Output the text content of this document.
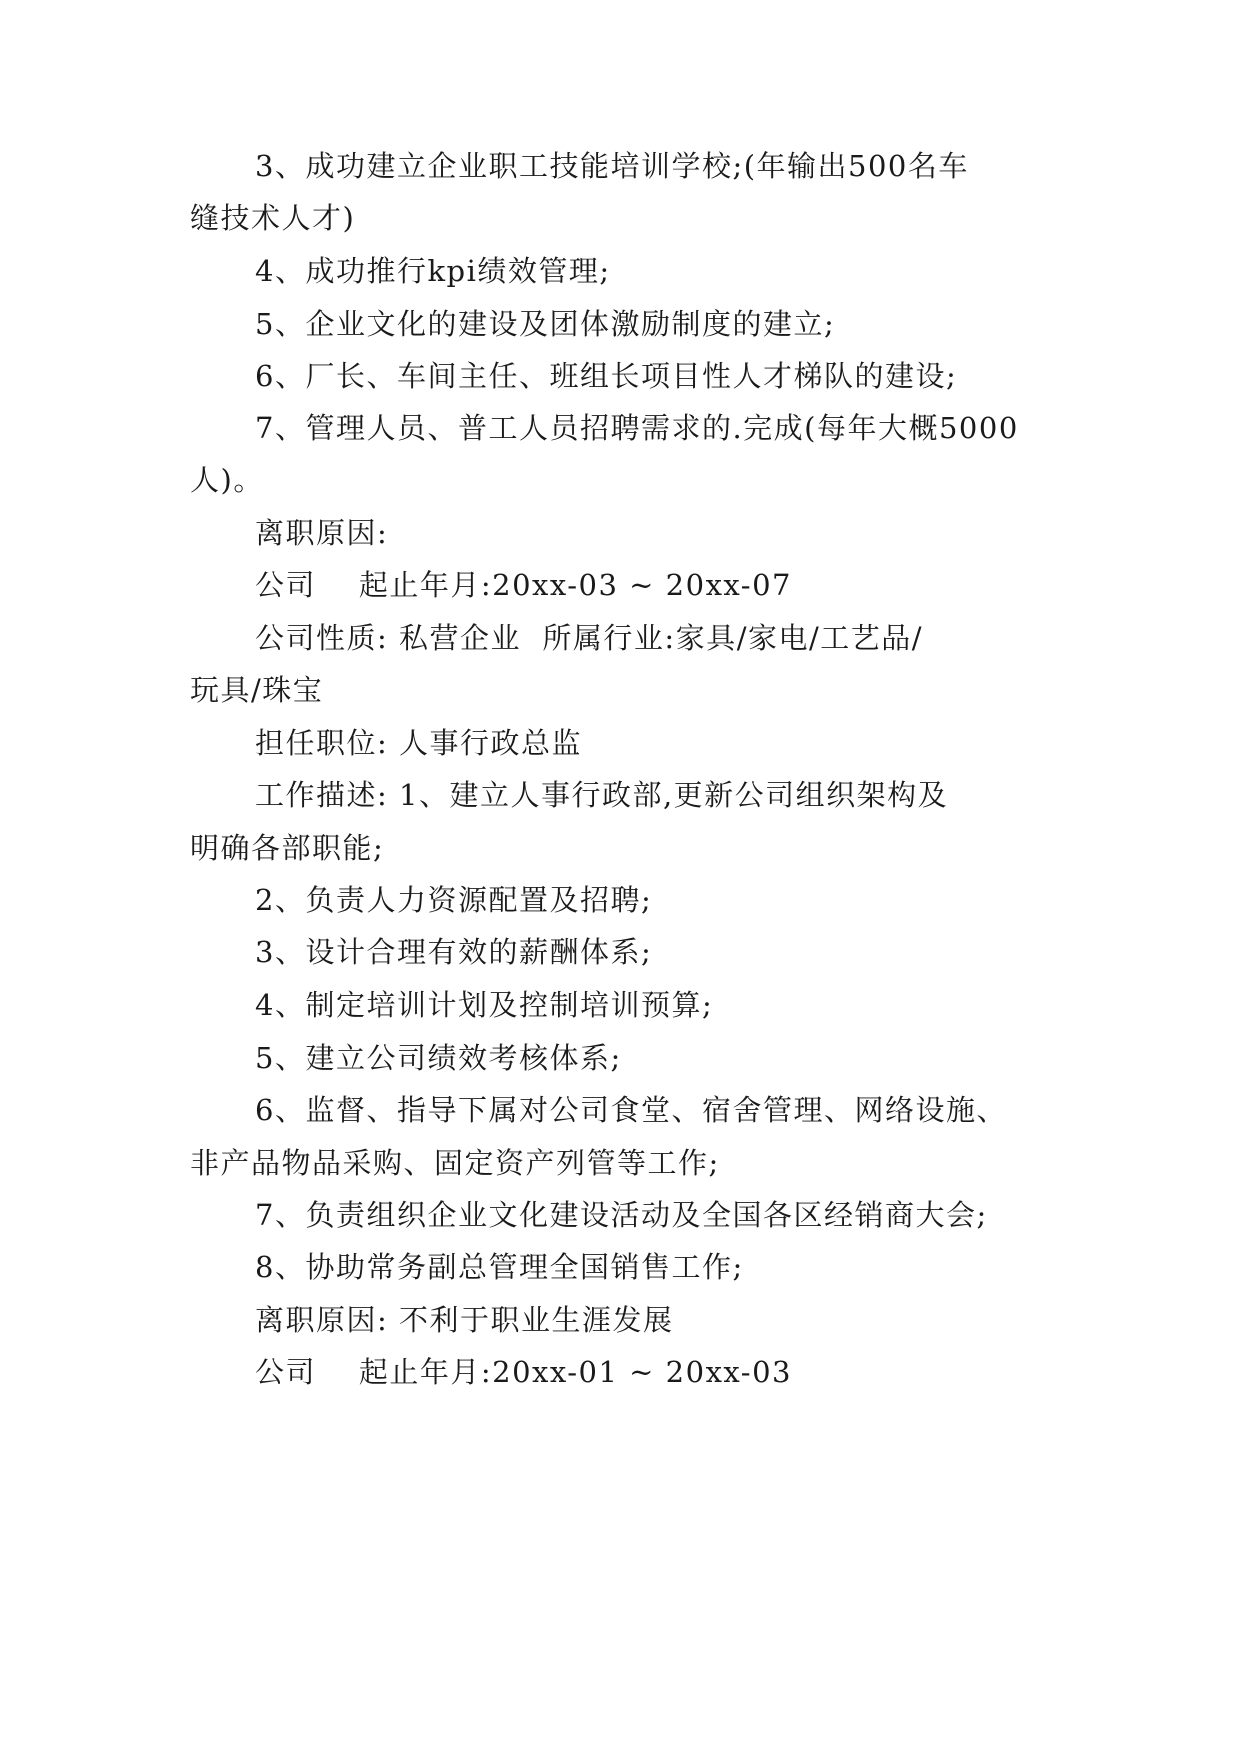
3、成功建立企业职工技能培训学校;(年输出500名车
缝技术人才)
4、成功推行kpi绩效管理;
5、企业文化的建设及团体激励制度的建立;
6、厂长、车间主任、班组长项目性人才梯队的建设;
7、管理人员、普工人员招聘需求的.完成(每年大概5000
人)。
离职原因:
公司    起止年月:20xx-03 ~ 20xx-07
公司性质: 私营企业  所属行业:家具/家电/工艺品/
玩具/珠宝
担任职位: 人事行政总监
工作描述: 1、建立人事行政部,更新公司组织架构及
明确各部职能;
2、负责人力资源配置及招聘;
3、设计合理有效的薪酬体系;
4、制定培训计划及控制培训预算;
5、建立公司绩效考核体系;
6、监督、指导下属对公司食堂、宿舍管理、网络设施、
非产品物品采购、固定资产列管等工作;
7、负责组织企业文化建设活动及全国各区经销商大会;
8、协助常务副总管理全国销售工作;
离职原因: 不利于职业生涯发展
公司    起止年月:20xx-01 ~ 20xx-03
